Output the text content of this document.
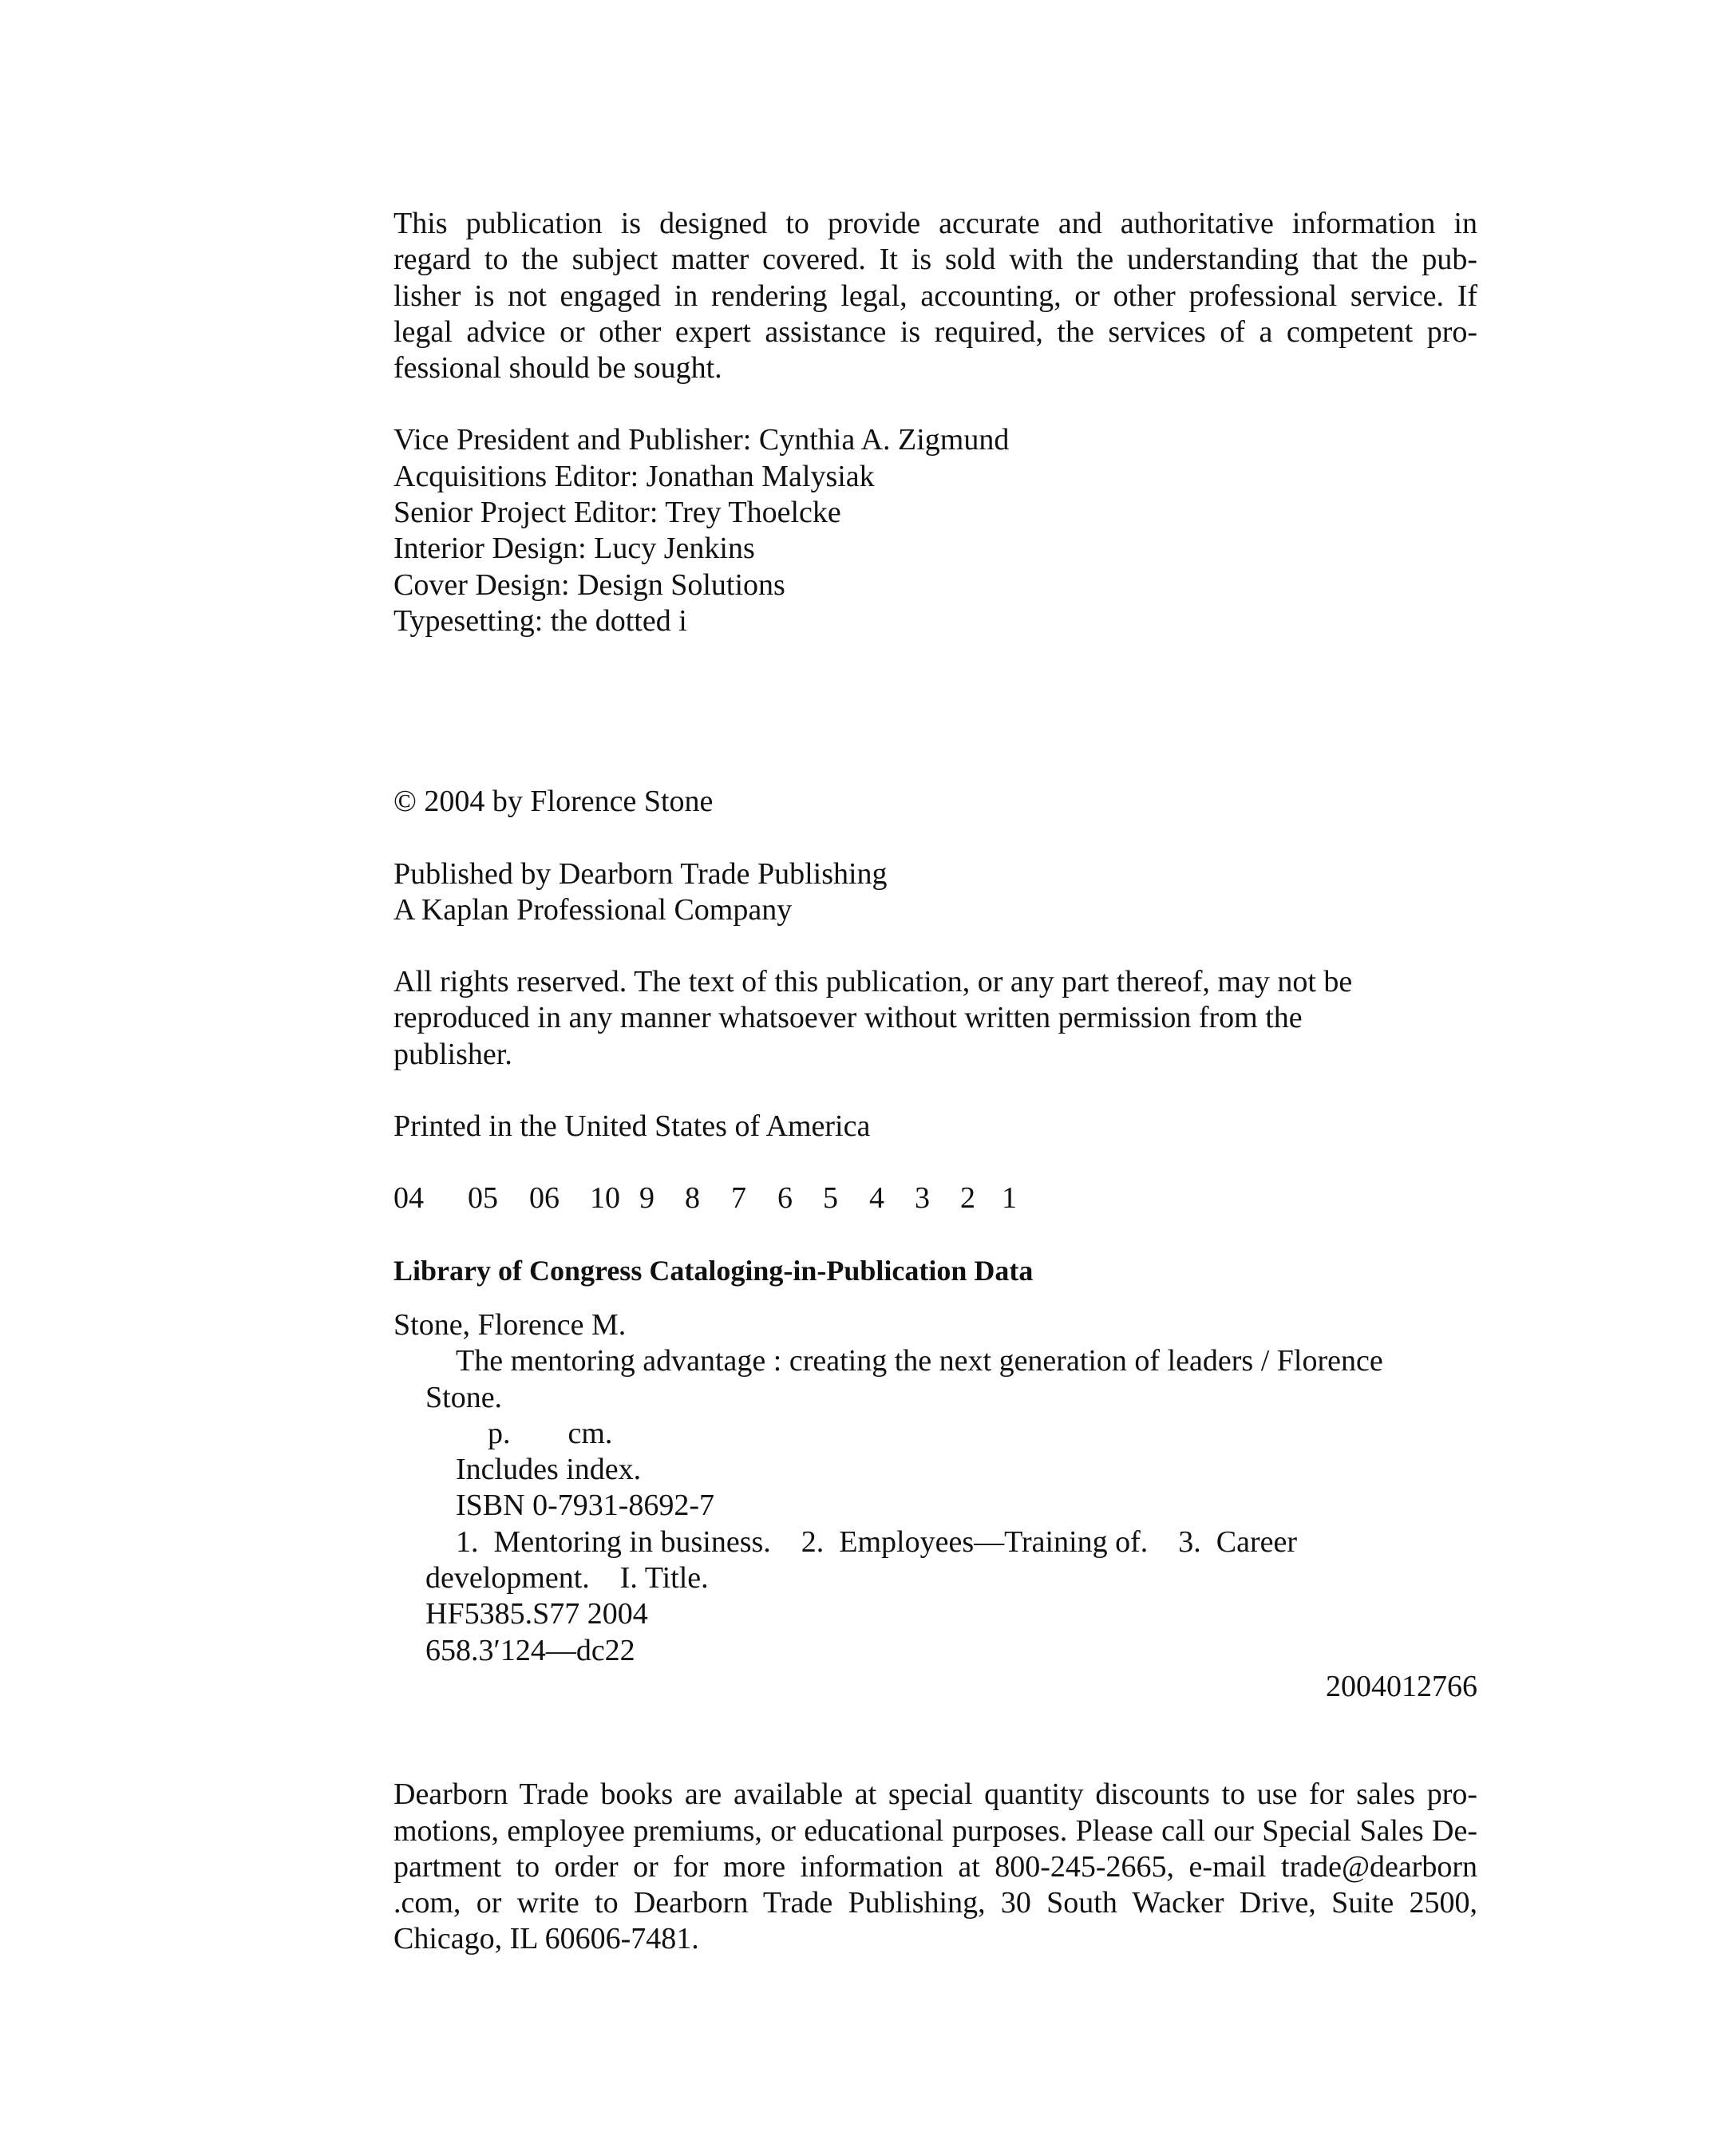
This publication is designed to provide accurate and authoritative information in
regard to the subject matter covered. It is sold with the understanding that the pub-
lisher is not engaged in rendering legal, accounting, or other professional service. If
legal advice or other expert assistance is required, the services of a competent pro-
fessional should be sought.

Vice President and Publisher: Cynthia A. Zigmund
Acquisitions Editor: Jonathan Malysiak
Senior Project Editor: Trey Thoelcke
Interior Design: Lucy Jenkins
Cover Design: Design Solutions
Typesetting: the dotted i

© 2004 by Florence Stone

Published by Dearborn Trade Publishing
A Kaplan Professional Company
All rights reserved. The text of this publication, or any part thereof, may not be
reproduced in any manner whatsoever without written permission from the
publisher.

Printed in the United States of America

04	05	06	10 9	8	7	6	5	4	3	2 1

Library of Congress Cataloging-in-Publication Data

Stone, Florence M.
The mentoring advantage : creating the next generation of leaders / Florence
Stone.
p. cm.
Includes index.
ISBN 0-7931-8692-7
1.  Mentoring in business.    2.  Employees—Training of.    3.  Career
development.    I. Title.
HF5385.S77 2004
658.3′124—dc22
2004012766

Dearborn Trade books are available at special quantity discounts to use for sales pro-
motions, employee premiums, or educational purposes. Please call our Special Sales De-
partment to order or for more information at 800-245-2665, e-mail trade@dearborn
.com, or write to Dearborn Trade Publishing, 30 South Wacker Drive, Suite 2500,
Chicago, IL 60606-7481.
